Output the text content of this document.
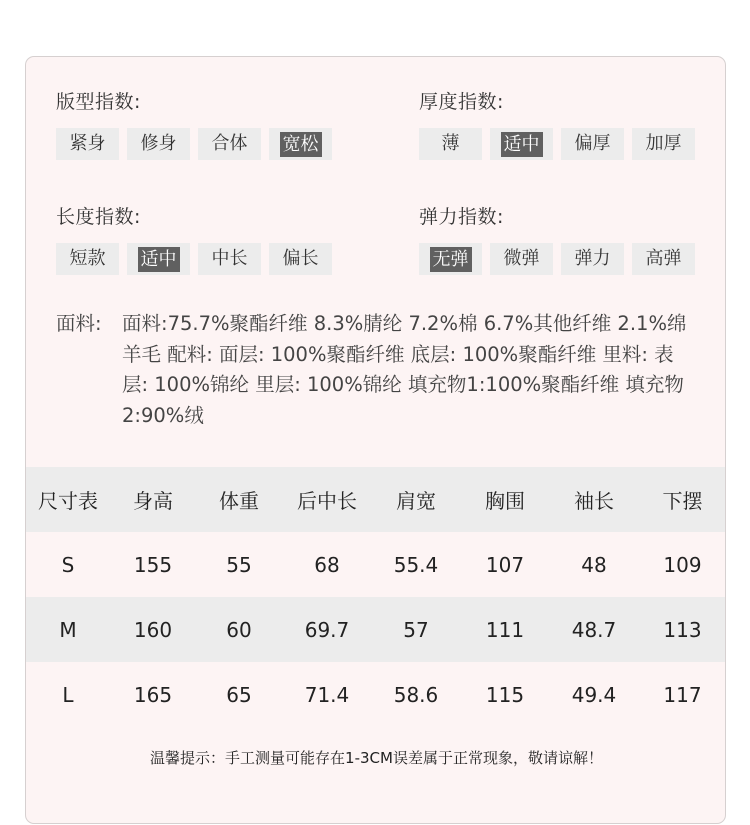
版型指数:
紧身	修身	合体	宽松
厚度指数:
薄	适中	偏厚	加厚
长度指数:
短款	适中	中长	偏长
弹力指数:
无弹	微弹	弹力	高弹
面料:	面料:75.7%聚酯纤维 8.3%腈纶 7.2%棉 6.7%其他纤维 2.1%绵羊毛 配料: 面层: 100%聚酯纤维 底层: 100%聚酯纤维 里料: 表层: 100%锦纶 里层: 100%锦纶 填充物1:100%聚酯纤维 填充物2:90%绒
尺寸表	身高	体重	后中长	肩宽	胸围	袖长	下摆
S	155	55	68	55.4	107	48	109
M	160	60	69.7	57	111	48.7	113
L	165	65	71.4	58.6	115	49.4	117
温馨提示：手工测量可能存在1-3CM误差属于正常现象，敬请谅解！
